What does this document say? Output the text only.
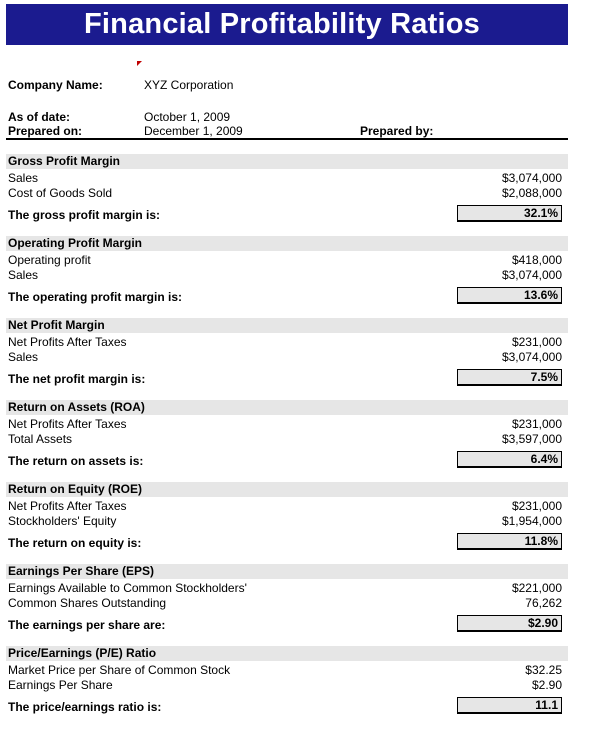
Financial Profitability Ratios
Company Name:	XYZ Corporation
As of date:	October 1, 2009
Prepared on:	December 1, 2009	Prepared by:
Gross Profit Margin
Sales	$3,074,000
Cost of Goods Sold	$2,088,000
The gross profit margin is:	32.1%
Operating Profit Margin
Operating profit	$418,000
Sales	$3,074,000
The operating profit margin is:	13.6%
Net Profit Margin
Net Profits After Taxes	$231,000
Sales	$3,074,000
The net profit margin is:	7.5%
Return on Assets (ROA)
Net Profits After Taxes	$231,000
Total Assets	$3,597,000
The return on assets is:	6.4%
Return on Equity (ROE)
Net Profits After Taxes	$231,000
Stockholders' Equity	$1,954,000
The return on equity is:	11.8%
Earnings Per Share (EPS)
Earnings Available to Common Stockholders'	$221,000
Common Shares Outstanding	76,262
The earnings per share are:	$2.90
Price/Earnings (P/E) Ratio
Market Price per Share of Common Stock	$32.25
Earnings Per Share	$2.90
The price/earnings ratio is:	11.1
